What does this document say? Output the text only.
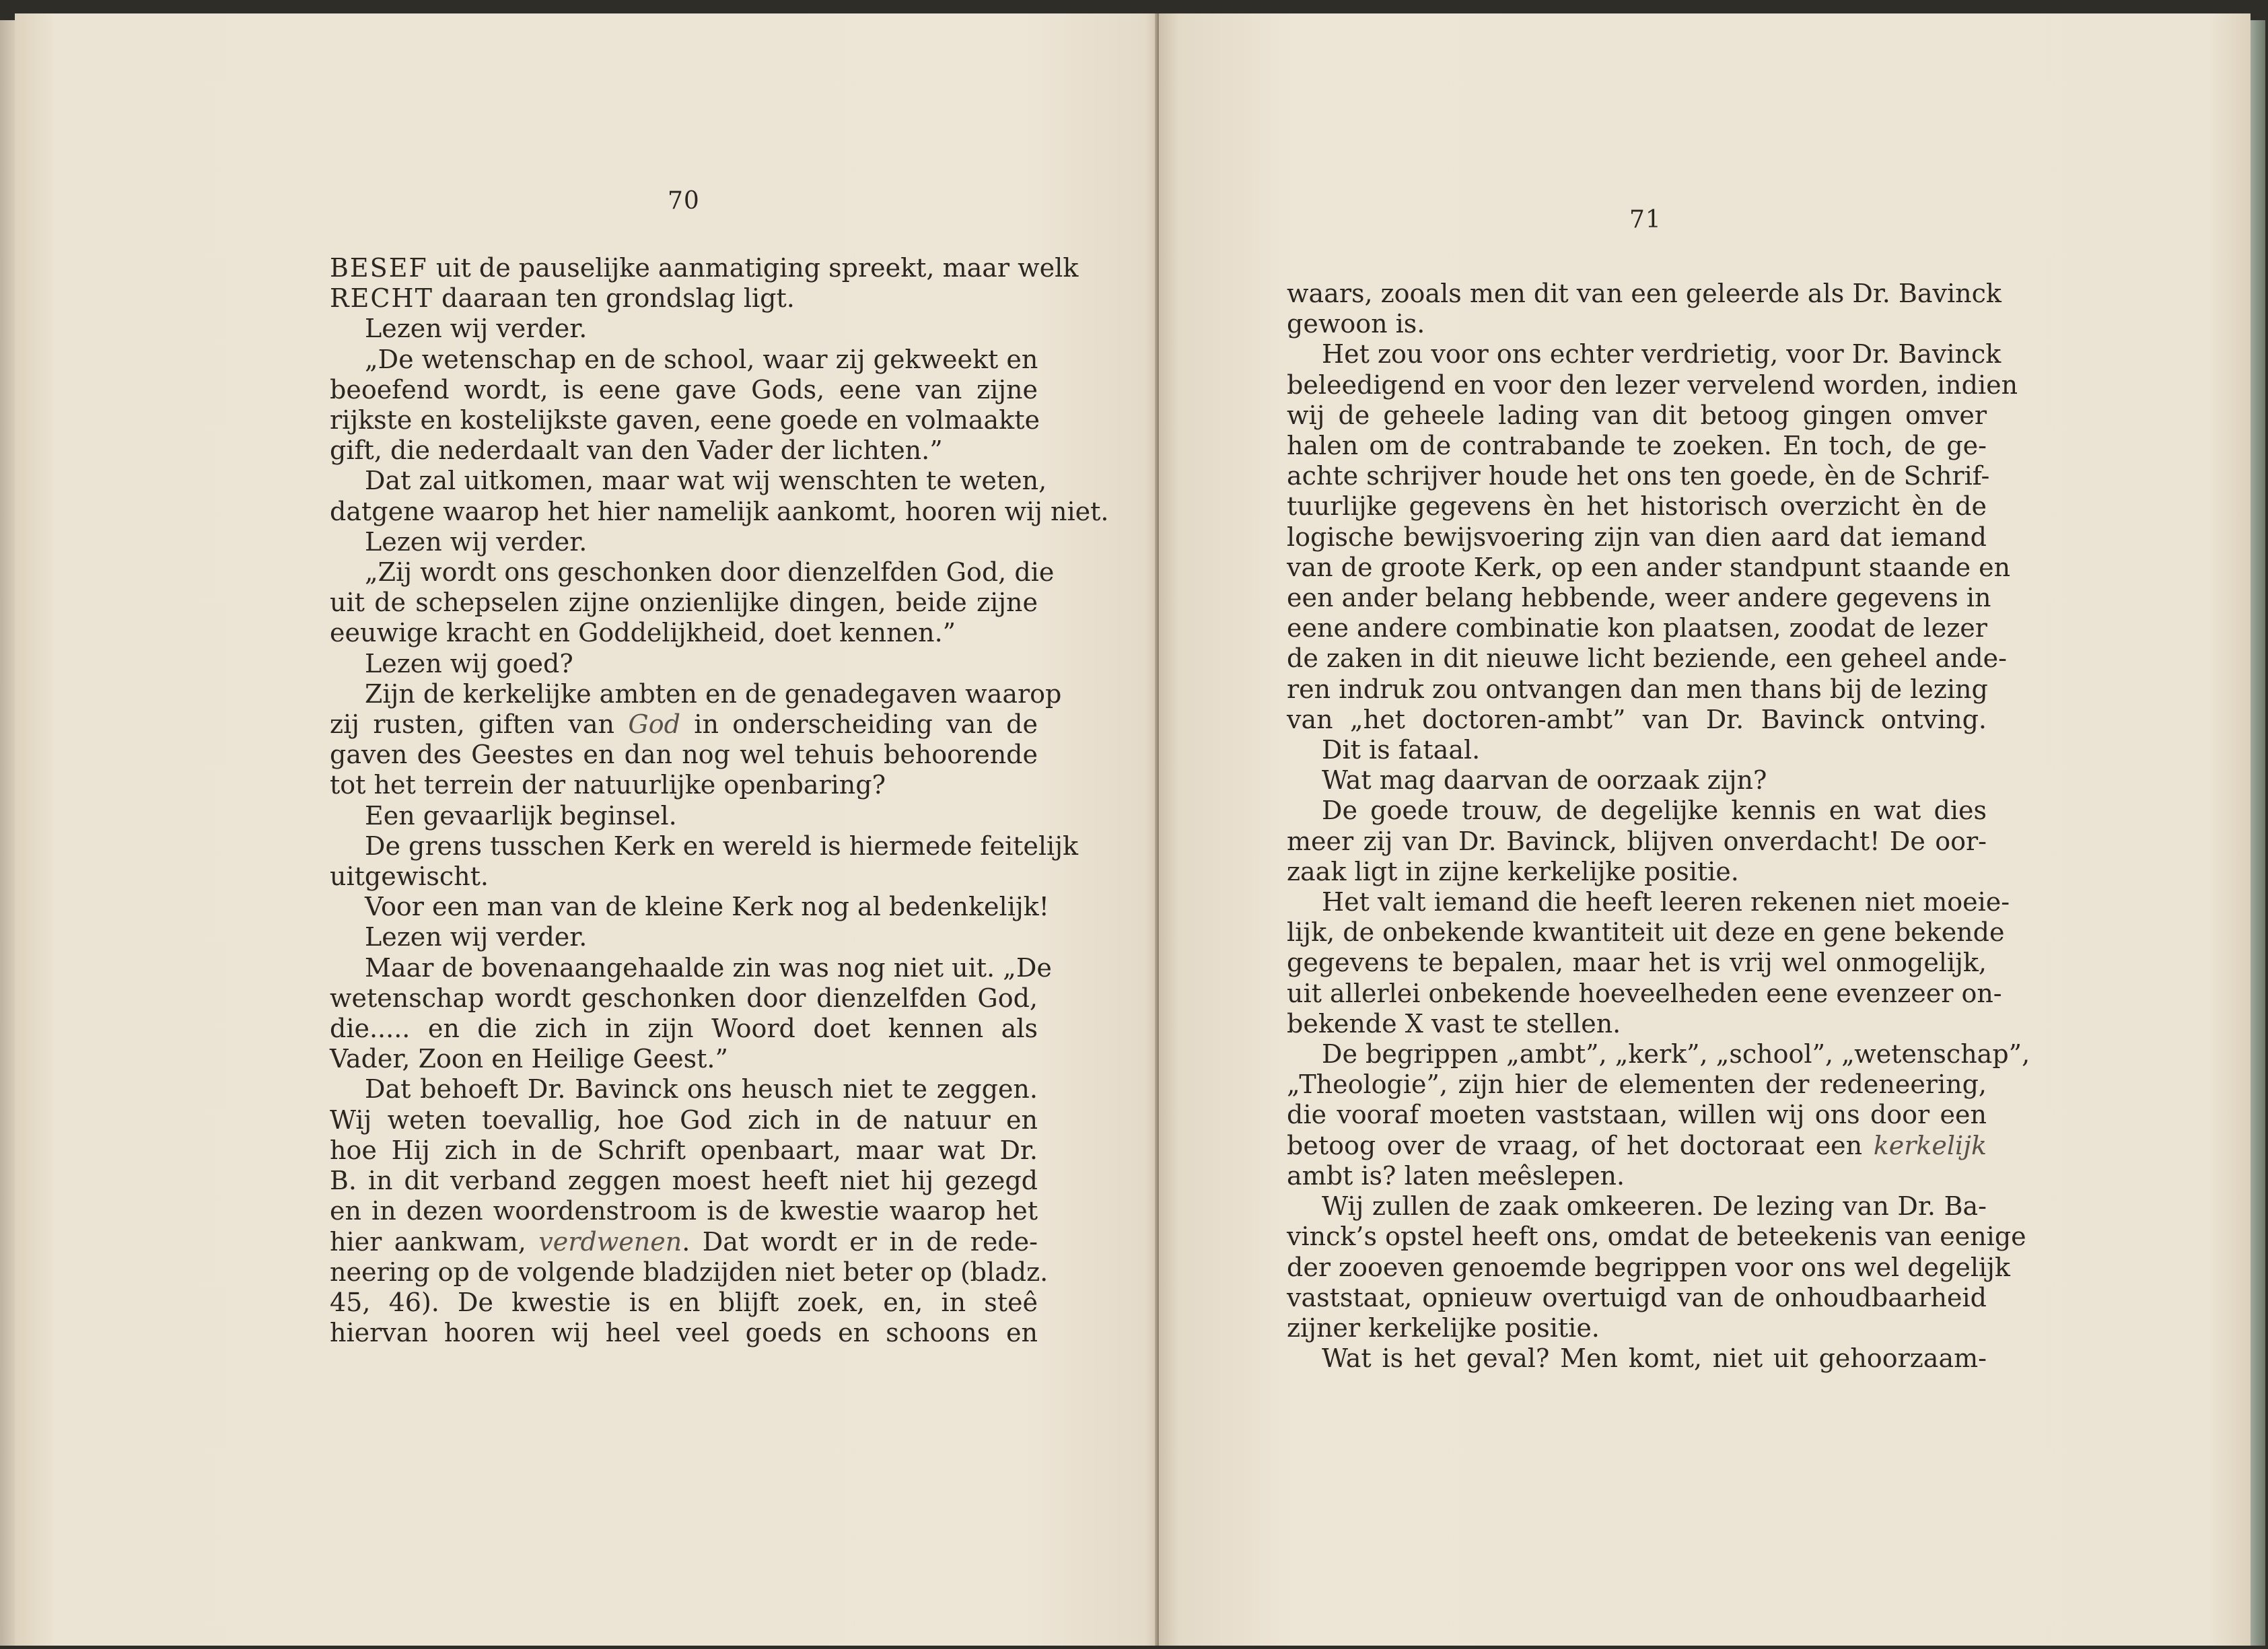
70
BESEF uit de pauselijke aanmatiging spreekt, maar welk
RECHT daaraan ten grondslag ligt.
Lezen wij verder.
„De wetenschap en de school, waar zij gekweekt en
beoefend wordt, is eene gave Gods, eene van zijne
rijkste en kostelijkste gaven, eene goede en volmaakte
gift, die nederdaalt van den Vader der lichten.”
Dat zal uitkomen, maar wat wij wenschten te weten,
datgene waarop het hier namelijk aankomt, hooren wij niet.
Lezen wij verder.
„Zij wordt ons geschonken door dienzelfden God, die
uit de schepselen zijne onzienlijke dingen, beide zijne
eeuwige kracht en Goddelijkheid, doet kennen.”
Lezen wij goed?
Zijn de kerkelijke ambten en de genadegaven waarop
zij rusten, giften van God in onderscheiding van de
gaven des Geestes en dan nog wel tehuis behoorende
tot het terrein der natuurlijke openbaring?
Een gevaarlijk beginsel.
De grens tusschen Kerk en wereld is hiermede feitelijk
uitgewischt.
Voor een man van de kleine Kerk nog al bedenkelijk!
Lezen wij verder.
Maar de bovenaangehaalde zin was nog niet uit. „De
wetenschap wordt geschonken door dienzelfden God,
die..... en die zich in zijn Woord doet kennen als
Vader, Zoon en Heilige Geest.”
Dat behoeft Dr. Bavinck ons heusch niet te zeggen.
Wij weten toevallig, hoe God zich in de natuur en
hoe Hij zich in de Schrift openbaart, maar wat Dr.
B. in dit verband zeggen moest heeft niet hij gezegd
en in dezen woordenstroom is de kwestie waarop het
hier aankwam, verdwenen. Dat wordt er in de rede-
neering op de volgende bladzijden niet beter op (bladz.
45, 46). De kwestie is en blijft zoek, en, in steê
hiervan hooren wij heel veel goeds en schoons en
71
waars, zooals men dit van een geleerde als Dr. Bavinck
gewoon is.
Het zou voor ons echter verdrietig, voor Dr. Bavinck
beleedigend en voor den lezer vervelend worden, indien
wij de geheele lading van dit betoog gingen omver
halen om de contrabande te zoeken. En toch, de ge-
achte schrijver houde het ons ten goede, èn de Schrif-
tuurlijke gegevens èn het historisch overzicht èn de
logische bewijsvoering zijn van dien aard dat iemand
van de groote Kerk, op een ander standpunt staande en
een ander belang hebbende, weer andere gegevens in
eene andere combinatie kon plaatsen, zoodat de lezer
de zaken in dit nieuwe licht beziende, een geheel ande-
ren indruk zou ontvangen dan men thans bij de lezing
van „het doctoren-ambt” van Dr. Bavinck ontving.
Dit is fataal.
Wat mag daarvan de oorzaak zijn?
De goede trouw, de degelijke kennis en wat dies
meer zij van Dr. Bavinck, blijven onverdacht! De oor-
zaak ligt in zijne kerkelijke positie.
Het valt iemand die heeft leeren rekenen niet moeie-
lijk, de onbekende kwantiteit uit deze en gene bekende
gegevens te bepalen, maar het is vrij wel onmogelijk,
uit allerlei onbekende hoeveelheden eene evenzeer on-
bekende X vast te stellen.
De begrippen „ambt”, „kerk”, „school”, „wetenschap”,
„Theologie”, zijn hier de elementen der redeneering,
die vooraf moeten vaststaan, willen wij ons door een
betoog over de vraag, of het doctoraat een kerkelijk
ambt is? laten meêslepen.
Wij zullen de zaak omkeeren. De lezing van Dr. Ba-
vinck’s opstel heeft ons, omdat de beteekenis van eenige
der zooeven genoemde begrippen voor ons wel degelijk
vaststaat, opnieuw overtuigd van de onhoudbaarheid
zijner kerkelijke positie.
Wat is het geval? Men komt, niet uit gehoorzaam-
